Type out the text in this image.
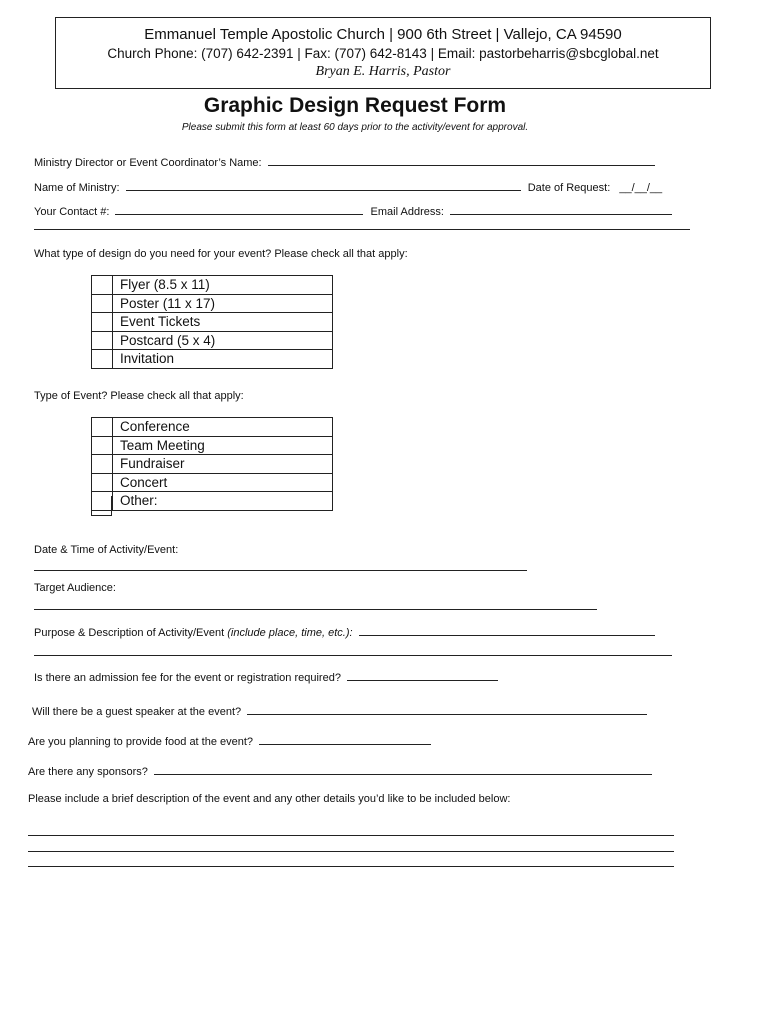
Emmanuel Temple Apostolic Church | 900 6th Street | Vallejo, CA 94590
Church Phone: (707) 642-2391 | Fax: (707) 642-8143 | Email: pastorbeharris@sbcglobal.net
Bryan E. Harris, Pastor
Graphic Design Request Form
Please submit this form at least 60 days prior to the activity/event for approval.
Ministry Director or Event Coordinator’s Name:
Name of Ministry:	Date of Request: __/__/__
Your Contact #:	Email Address:
What type of design do you need for your event? Please check all that apply:
	Flyer (8.5 x 11)
	Poster (11 x 17)
	Event Tickets
	Postcard (5 x 4)
	Invitation
Type of Event? Please check all that apply:
	Conference
	Team Meeting
	Fundraiser
	Concert
	Other:
Date & Time of Activity/Event:
Target Audience:
Purpose & Description of Activity/Event (include place, time, etc.):
Is there an admission fee for the event or registration required?
Will there be a guest speaker at the event?
Are you planning to provide food at the event?
Are there any sponsors?
Please include a brief description of the event and any other details you’d like to be included below:
